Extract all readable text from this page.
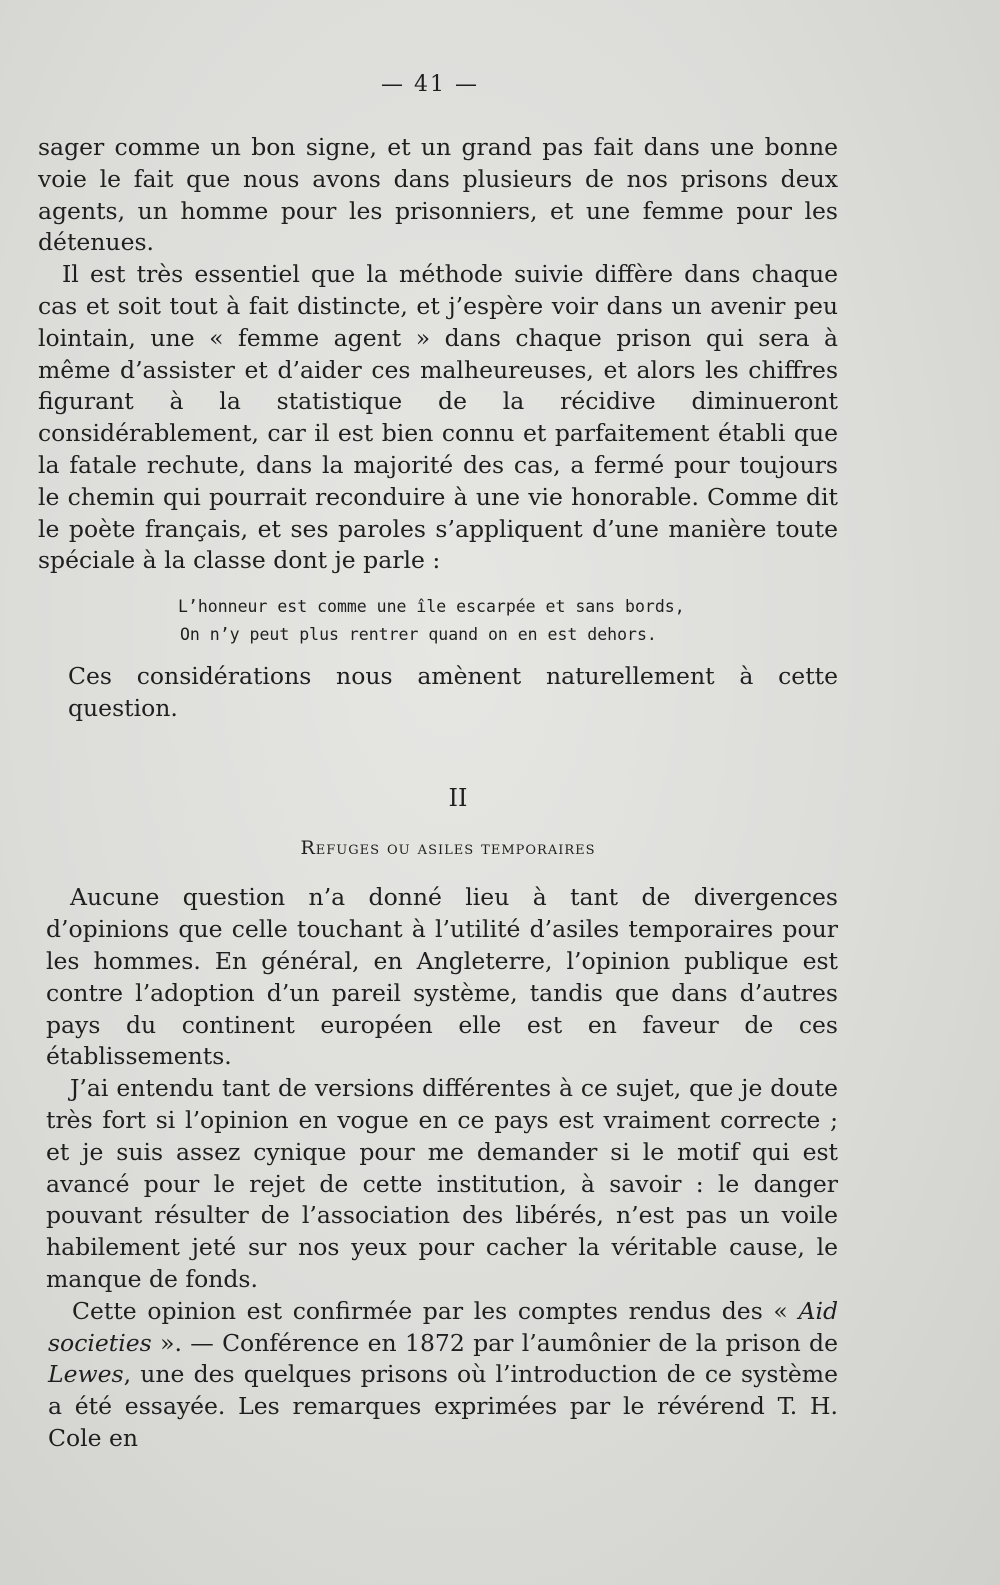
— 41 —

sager comme un bon signe, et un grand pas fait dans une bonne voie le fait que nous avons dans plusieurs de nos prisons deux agents, un homme pour les prisonniers, et une femme pour les détenues.

Il est très essentiel que la méthode suivie diffère dans chaque cas et soit tout à fait distincte, et j’espère voir dans un avenir peu lointain, une « femme agent » dans chaque prison qui sera à même d’assister et d’aider ces malheureuses, et alors les chiffres figurant à la statistique de la récidive diminueront considérablement, car il est bien connu et parfaitement établi que la fatale rechute, dans la majorité des cas, a fermé pour toujours le chemin qui pourrait reconduire à une vie honorable. Comme dit le poète français, et ses paroles s’appliquent d’une manière toute spéciale à la classe dont je parle :

L’honneur est comme une île escarpée et sans bords,
On n’y peut plus rentrer quand on en est dehors.

Ces considérations nous amènent naturellement à cette question.

II
Refuges ou asiles temporaires

Aucune question n’a donné lieu à tant de divergences d’opinions que celle touchant à l’utilité d’asiles temporaires pour les hommes. En général, en Angleterre, l’opinion publique est contre l’adoption d’un pareil système, tandis que dans d’autres pays du continent européen elle est en faveur de ces établissements.

J’ai entendu tant de versions différentes à ce sujet, que je doute très fort si l’opinion en vogue en ce pays est vraiment correcte ; et je suis assez cynique pour me demander si le motif qui est avancé pour le rejet de cette institution, à savoir : le danger pouvant résulter de l’association des libérés, n’est pas un voile habilement jeté sur nos yeux pour cacher la véritable cause, le manque de fonds.

Cette opinion est confirmée par les comptes rendus des « Aid societies ». — Conférence en 1872 par l’aumônier de la prison de Lewes, une des quelques prisons où l’introduction de ce système a été essayée. Les remarques exprimées par le révérend T. H. Cole en
